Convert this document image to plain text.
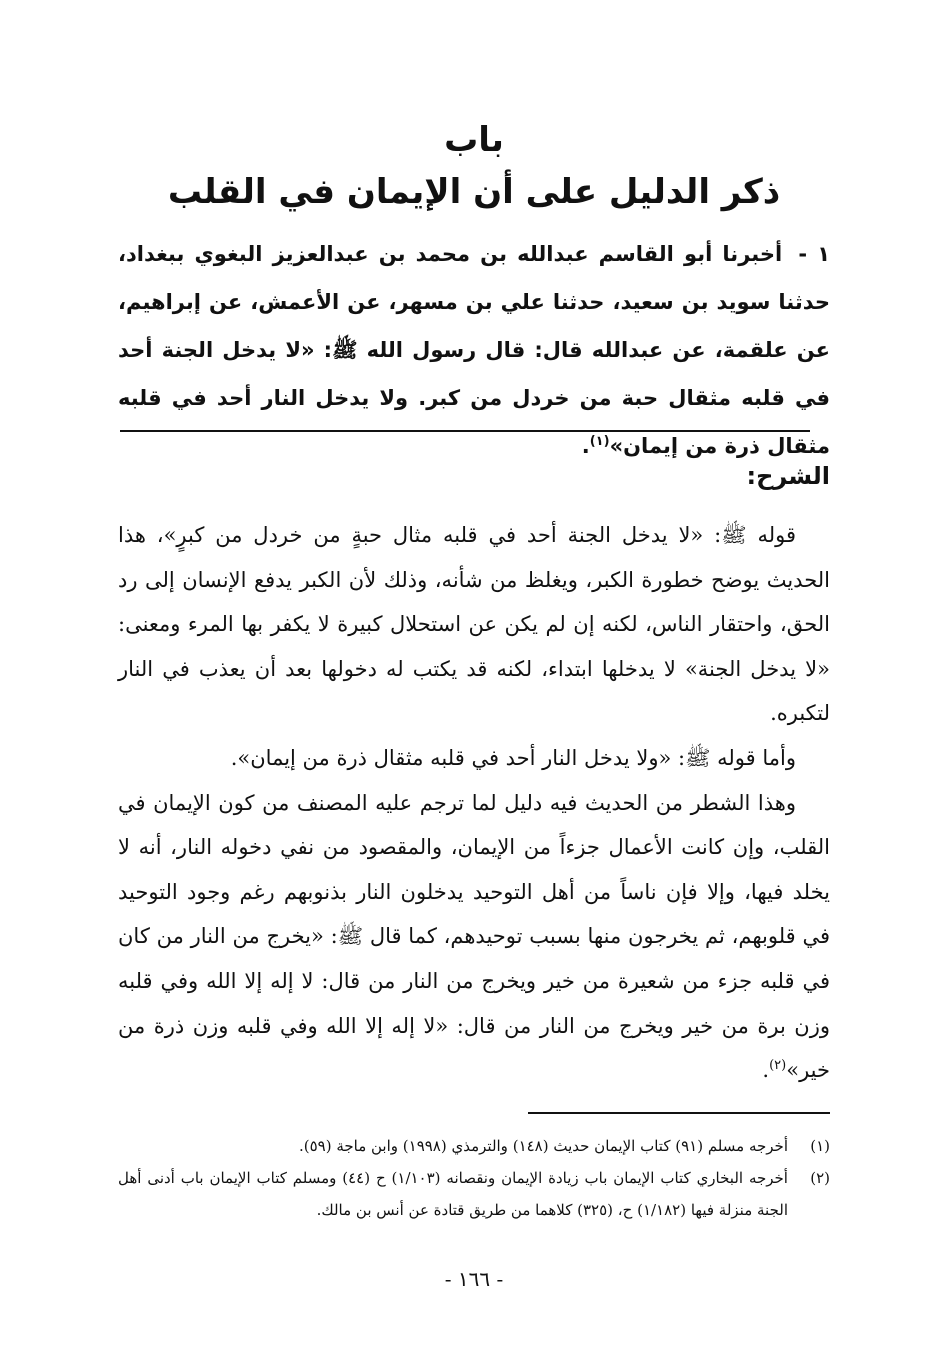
باب
ذكر الدليل على أن الإيمان في القلب
١ - أخبرنا أبو القاسم عبدالله بن محمد بن عبدالعزيز البغوي ببغداد، حدثنا سويد بن سعيد، حدثنا علي بن مسهر، عن الأعمش، عن إبراهيم، عن علقمة، عن عبدالله قال: قال رسول الله ﷺ: «لا يدخل الجنة أحد في قلبه مثقال حبة من خردل من كبر. ولا يدخل النار أحد في قلبه مثقال ذرة من إيمان»$^{(١)}$.
الشرح:

قوله ﷺ: «لا يدخل الجنة أحد في قلبه مثال حبةٍ من خردل من كبرٍ»، هذا الحديث يوضح خطورة الكبر، ويغلظ من شأنه، وذلك لأن الكبر يدفع الإنسان إلى رد الحق، واحتقار الناس، لكنه إن لم يكن عن استحلال كبيرة لا يكفر بها المرء ومعنى: «لا يدخل الجنة» لا يدخلها ابتداء، لكنه قد يكتب له دخولها بعد أن يعذب في النار لتكبره.

وأما قوله ﷺ: «ولا يدخل النار أحد في قلبه مثقال ذرة من إيمان».

وهذا الشطر من الحديث فيه دليل لما ترجم عليه المصنف من كون الإيمان في القلب، وإن كانت الأعمال جزءاً من الإيمان، والمقصود من نفي دخوله النار، أنه لا يخلد فيها، وإلا فإن ناساً من أهل التوحيد يدخلون النار بذنوبهم رغم وجود التوحيد في قلوبهم، ثم يخرجون منها بسبب توحيدهم، كما قال ﷺ: «يخرج من النار من كان في قلبه جزء من شعيرة من خير ويخرج من النار من قال: لا إله إلا الله وفي قلبه وزن برة من خير ويخرج من النار من قال: «لا إله إلا الله وفي قلبه وزن ذرة من خير»$^{(٢)}$.

(١)
أخرجه مسلم (٩١) كتاب الإيمان حديث (١٤٨) والترمذي (١٩٩٨) وابن ماجة (٥٩).

(٢)
أخرجه البخاري كتاب الإيمان باب زيادة الإيمان ونقصانه (١/١٠٣) ح (٤٤) ومسلم كتاب الإيمان باب أدنى أهل الجنة منزلة فيها (١/١٨٢) ح، (٣٢٥) كلاهما من طريق قتادة عن أنس بن مالك.

- ١٦٦ -
